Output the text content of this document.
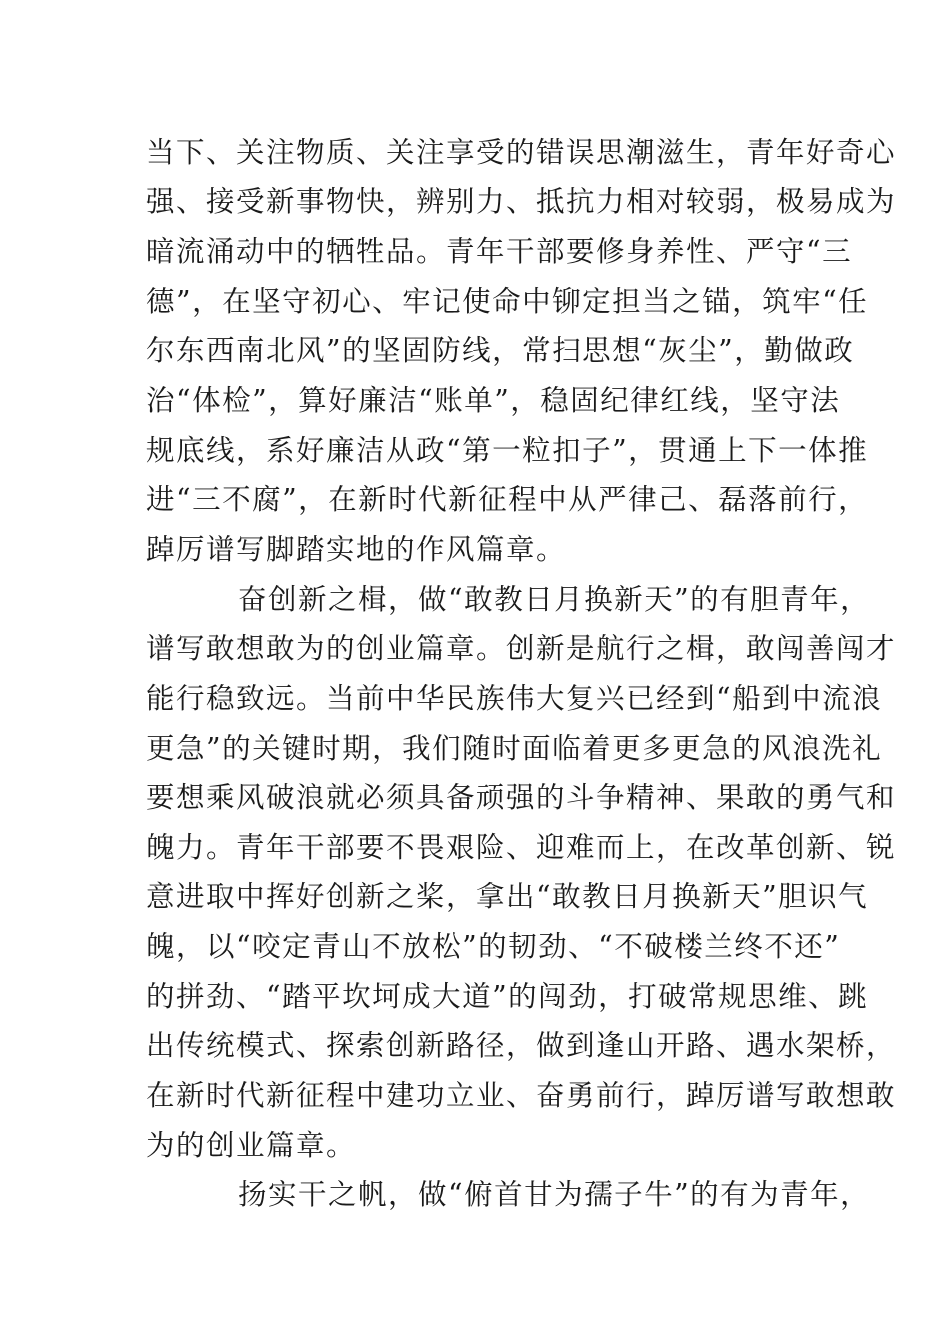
当下、关注物质、关注享受的错误思潮滋生，青年好奇心
强、接受新事物快，辨别力、抵抗力相对较弱，极易成为
暗流涌动中的牺牲品。青年干部要修身养性、严守“三
德”，在坚守初心、牢记使命中铆定担当之锚，筑牢“任
尔东西南北风”的坚固防线，常扫思想“灰尘”，勤做政
治“体检”，算好廉洁“账单”，稳固纪律红线，坚守法
规底线，系好廉洁从政“第一粒扣子”，贯通上下一体推
进“三不腐”，在新时代新征程中从严律己、磊落前行，
踔厉谱写脚踏实地的作风篇章。
奋创新之楫，做“敢教日月换新天”的有胆青年，
谱写敢想敢为的创业篇章。创新是航行之楫，敢闯善闯才
能行稳致远。当前中华民族伟大复兴已经到“船到中流浪
更急”的关键时期，我们随时面临着更多更急的风浪洗礼
要想乘风破浪就必须具备顽强的斗争精神、果敢的勇气和
魄力。青年干部要不畏艰险、迎难而上，在改革创新、锐
意进取中挥好创新之桨，拿出“敢教日月换新天”胆识气
魄，以“咬定青山不放松”的韧劲、“不破楼兰终不还”
的拼劲、“踏平坎坷成大道”的闯劲，打破常规思维、跳
出传统模式、探索创新路径，做到逢山开路、遇水架桥，
在新时代新征程中建功立业、奋勇前行，踔厉谱写敢想敢
为的创业篇章。
扬实干之帆，做“俯首甘为孺子牛”的有为青年，
